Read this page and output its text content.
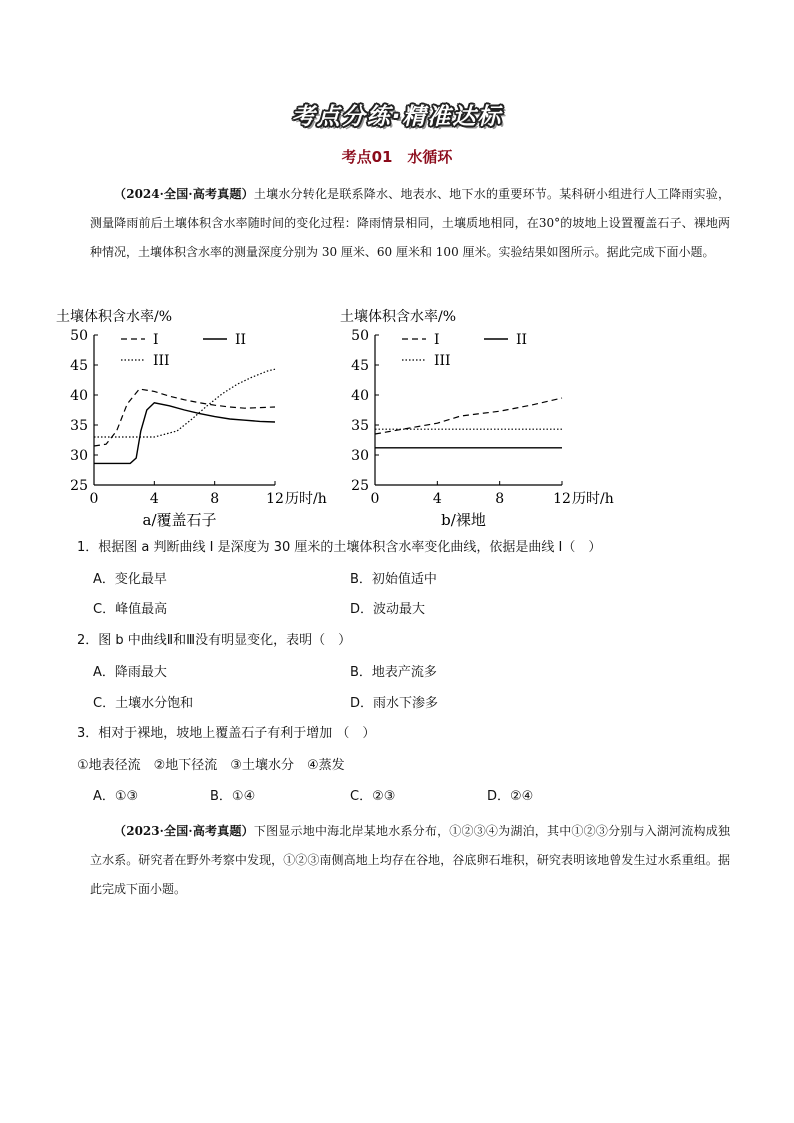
考点分练·精准达标
考点01　水循环
（2024·全国·高考真题）土壤水分转化是联系降水、地表水、地下水的重要环节。某科研小组进行人工降雨实验，测量降雨前后土壤体积含水率随时间的变化过程：降雨情景相同，土壤质地相同，在30°的坡地上设置覆盖石子、裸地两种情况，土壤体积含水率的测量深度分别为 30 厘米、60 厘米和 100 厘米。实验结果如图所示。据此完成下面小题。
土壤体积含水率/%
25
30
35
40
45
50
0	4	8	12 历时/h
I	II
III
a/覆盖石子
土壤体积含水率/%
25
30
35
40
45
50
0	4	8	12 历时/h
I	II
III
b/裸地
1．根据图 a 判断曲线 I 是深度为 30 厘米的土壤体积含水率变化曲线，依据是曲线 I（　）
A．变化最早	B．初始值适中
C．峰值最高	D．波动最大
2．图 b 中曲线Ⅱ和Ⅲ没有明显变化，表明（　）
A．降雨最大	B．地表产流多
C．土壤水分饱和	D．雨水下渗多
3．相对于裸地，坡地上覆盖石子有利于增加 （　）
①地表径流　②地下径流　③土壤水分　④蒸发
A．①③	B．①④	C．②③	D．②④
（2023·全国·高考真题）下图显示地中海北岸某地水系分布，①②③④为湖泊，其中①②③分别与入湖河流构成独立水系。研究者在野外考察中发现，①②③南侧高地上均存在谷地，谷底卵石堆积，研究表明该地曾发生过水系重组。据此完成下面小题。
